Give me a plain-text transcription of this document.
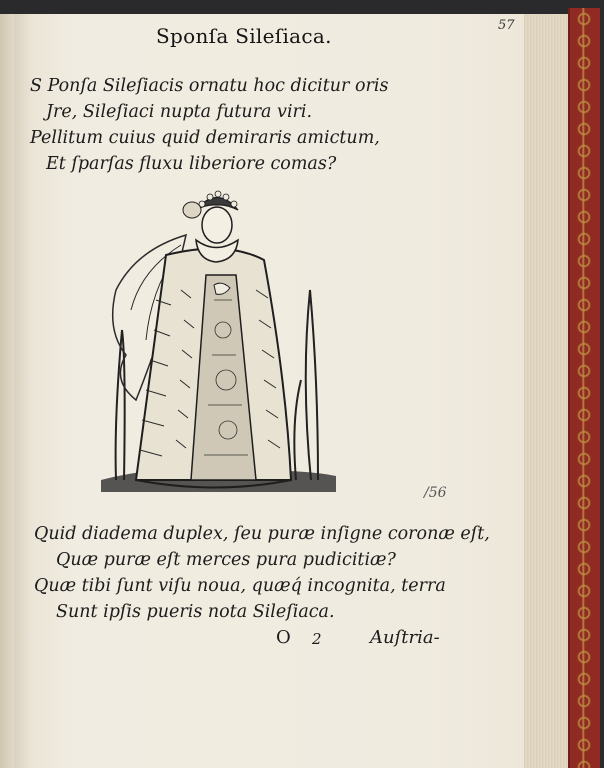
Sponſa Sileſiaca.	57
S Ponſa Sileſiacis ornatu hoc dicitur oris
Jre, Sileſiaci nupta futura viri.
Pellitum cuius quid demiraris amictum,
Et ſparſas fluxu liberiore comas?
/56
Quid diadema duplex, ſeu puræ inſigne coronæ eſt,
Quæ puræ eſt merces pura pudicitiæ?
Quæ tibi ſunt viſu noua, quæq́ incognita, terra
Sunt ipſis pueris nota Sileſiaca.
O 2	Auſtria-
